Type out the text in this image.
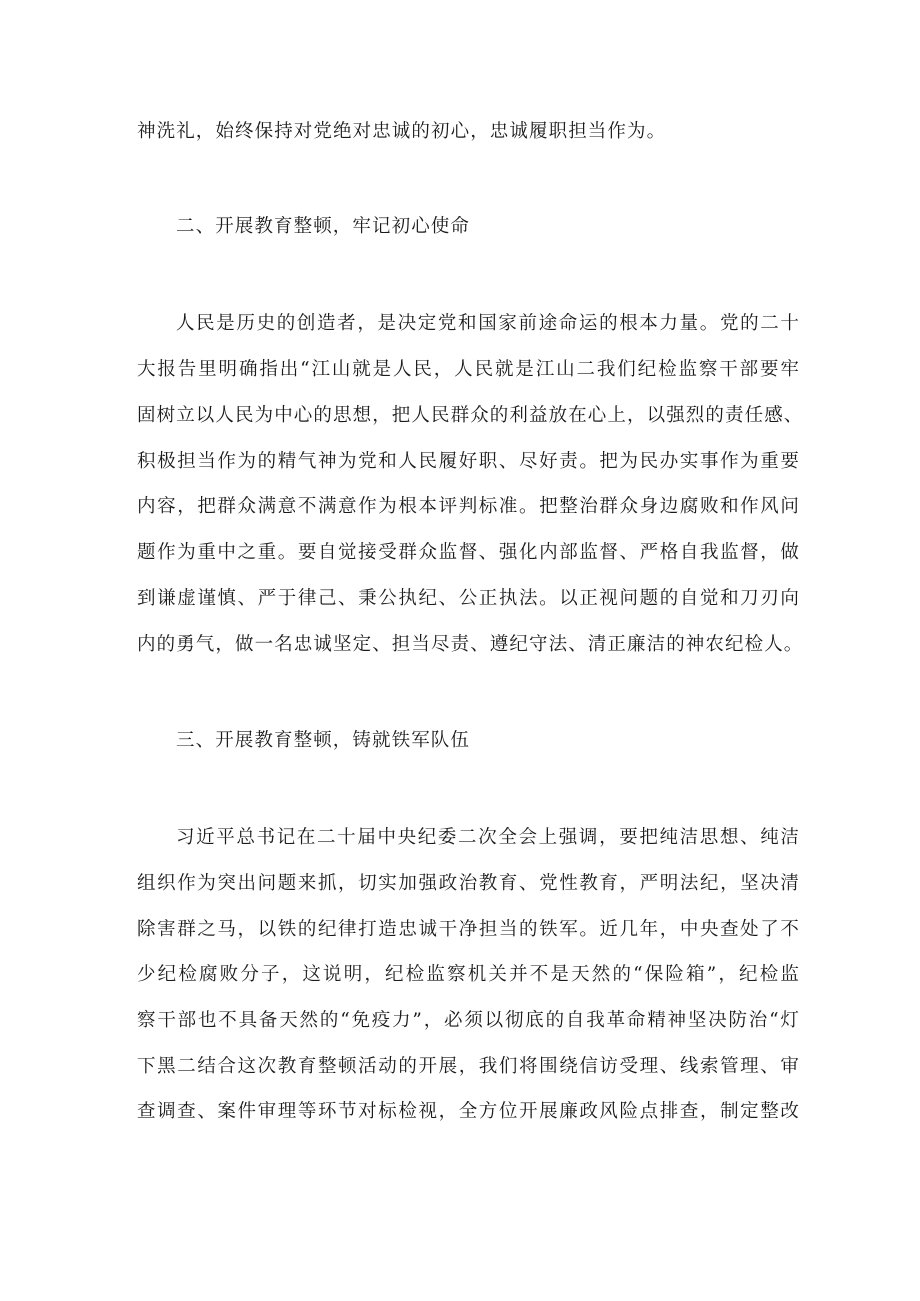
神洗礼，始终保持对党绝对忠诚的初心，忠诚履职担当作为。
二、开展教育整顿，牢记初心使命
人民是历史的创造者，是决定党和国家前途命运的根本力量。党的二十
大报告里明确指出“江山就是人民，人民就是江山二我们纪检监察干部要牢
固树立以人民为中心的思想，把人民群众的利益放在心上，以强烈的责任感、
积极担当作为的精气神为党和人民履好职、尽好责。把为民办实事作为重要
内容，把群众满意不满意作为根本评判标准。把整治群众身边腐败和作风问
题作为重中之重。要自觉接受群众监督、强化内部监督、严格自我监督，做
到谦虚谨慎、严于律己、秉公执纪、公正执法。以正视问题的自觉和刀刃向
内的勇气，做一名忠诚坚定、担当尽责、遵纪守法、清正廉洁的神农纪检人。
三、开展教育整顿，铸就铁军队伍
习近平总书记在二十届中央纪委二次全会上强调，要把纯洁思想、纯洁
组织作为突出问题来抓，切实加强政治教育、党性教育，严明法纪，坚决清
除害群之马，以铁的纪律打造忠诚干净担当的铁军。近几年，中央查处了不
少纪检腐败分子，这说明，纪检监察机关并不是天然的“保险箱”，纪检监
察干部也不具备天然的“免疫力”，必须以彻底的自我革命精神坚决防治“灯
下黑二结合这次教育整顿活动的开展，我们将围绕信访受理、线索管理、审
查调查、案件审理等环节对标检视，全方位开展廉政风险点排查，制定整改
